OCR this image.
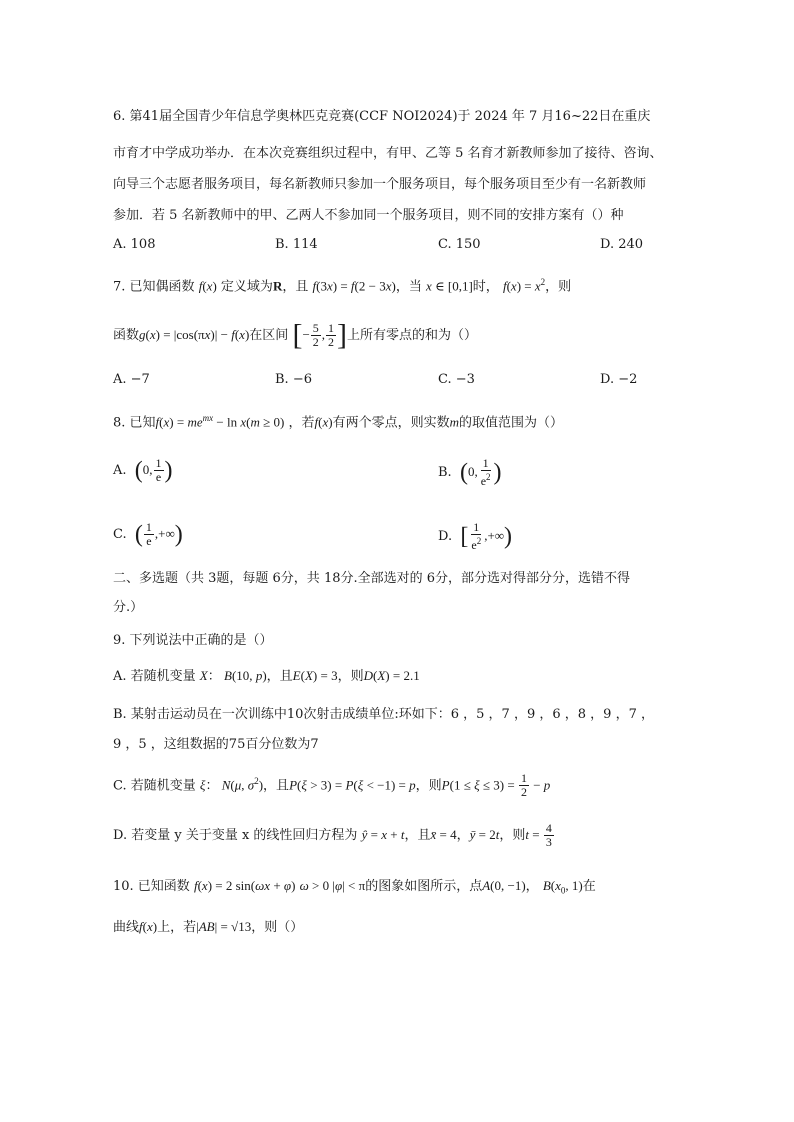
6. 第41届全国青少年信息学奥林匹克竞赛(CCF NOI2024)于 2024 年 7 月16~22日在重庆
市育才中学成功举办．在本次竞赛组织过程中，有甲、乙等 5 名育才新教师参加了接待、咨询、
向导三个志愿者服务项目，每名新教师只参加一个服务项目，每个服务项目至少有一名新教师
参加．若 5 名新教师中的甲、乙两人不参加同一个服务项目，则不同的安排方案有（）种
A. 108	B. 114	C. 150	D. 240
7. 已知偶函数 f(x) 定义域为R，且 f(3x) = f(2 − 3x)，当 x ∈ [0,1]时， $f(x) = x^2$，则
函数g(x) = |cos(πx)| − f(x)在区间 [− $\frac{5}{2}$ , $\frac{1}{2}$ ]上所有零点的和为（）
A. −7	B. −6	C. −3	D. −2
8. 已知$f(x) = me^{mx} - \ln x(m \ge 0)$ ，若f(x)有两个零点，则实数m的取值范围为（）
A. (0, $\frac{1}{e}$ )	B. (0, $\frac{1}{e^2}$ )
C. ( $\frac{1}{e}$ ,+∞)	D. [ $\frac{1}{e^2}$ ,+∞)
二、多选题（共 3题，每题 6分，共 18分.全部选对的 6分，部分选对得部分分，选错不得
分.）
9. 下列说法中正确的是（）
A. 若随机变量 X： B(10, p)，且E(X) = 3，则D(X) = 2.1
B. 某射击运动员在一次训练中10次射击成绩单位:环如下：6 ，5 ，7 ，9 ，6 ，8 ，9 ，7 ，
9 ，5 ，这组数据的75百分位数为7
C. 若随机变量 ξ： N(μ, $\sigma^2$)，且P(ξ > 3) = P(ξ < −1) = p，则$P(1 \le \xi \le 3) = \frac{1}{2} - p$
D. 若变量 y 关于变量 x 的线性回归方程为 ŷ = x + t，且x̄ = 4，ȳ = 2t，则$t = \frac{4}{3}$
10. 已知函数 f(x) = 2 sin(ωx + φ) ω > 0 |φ| < π的图象如图所示，点A(0, −1)， $B(x_0$, 1)在
曲线f(x)上，若|AB| = √13，则（）
